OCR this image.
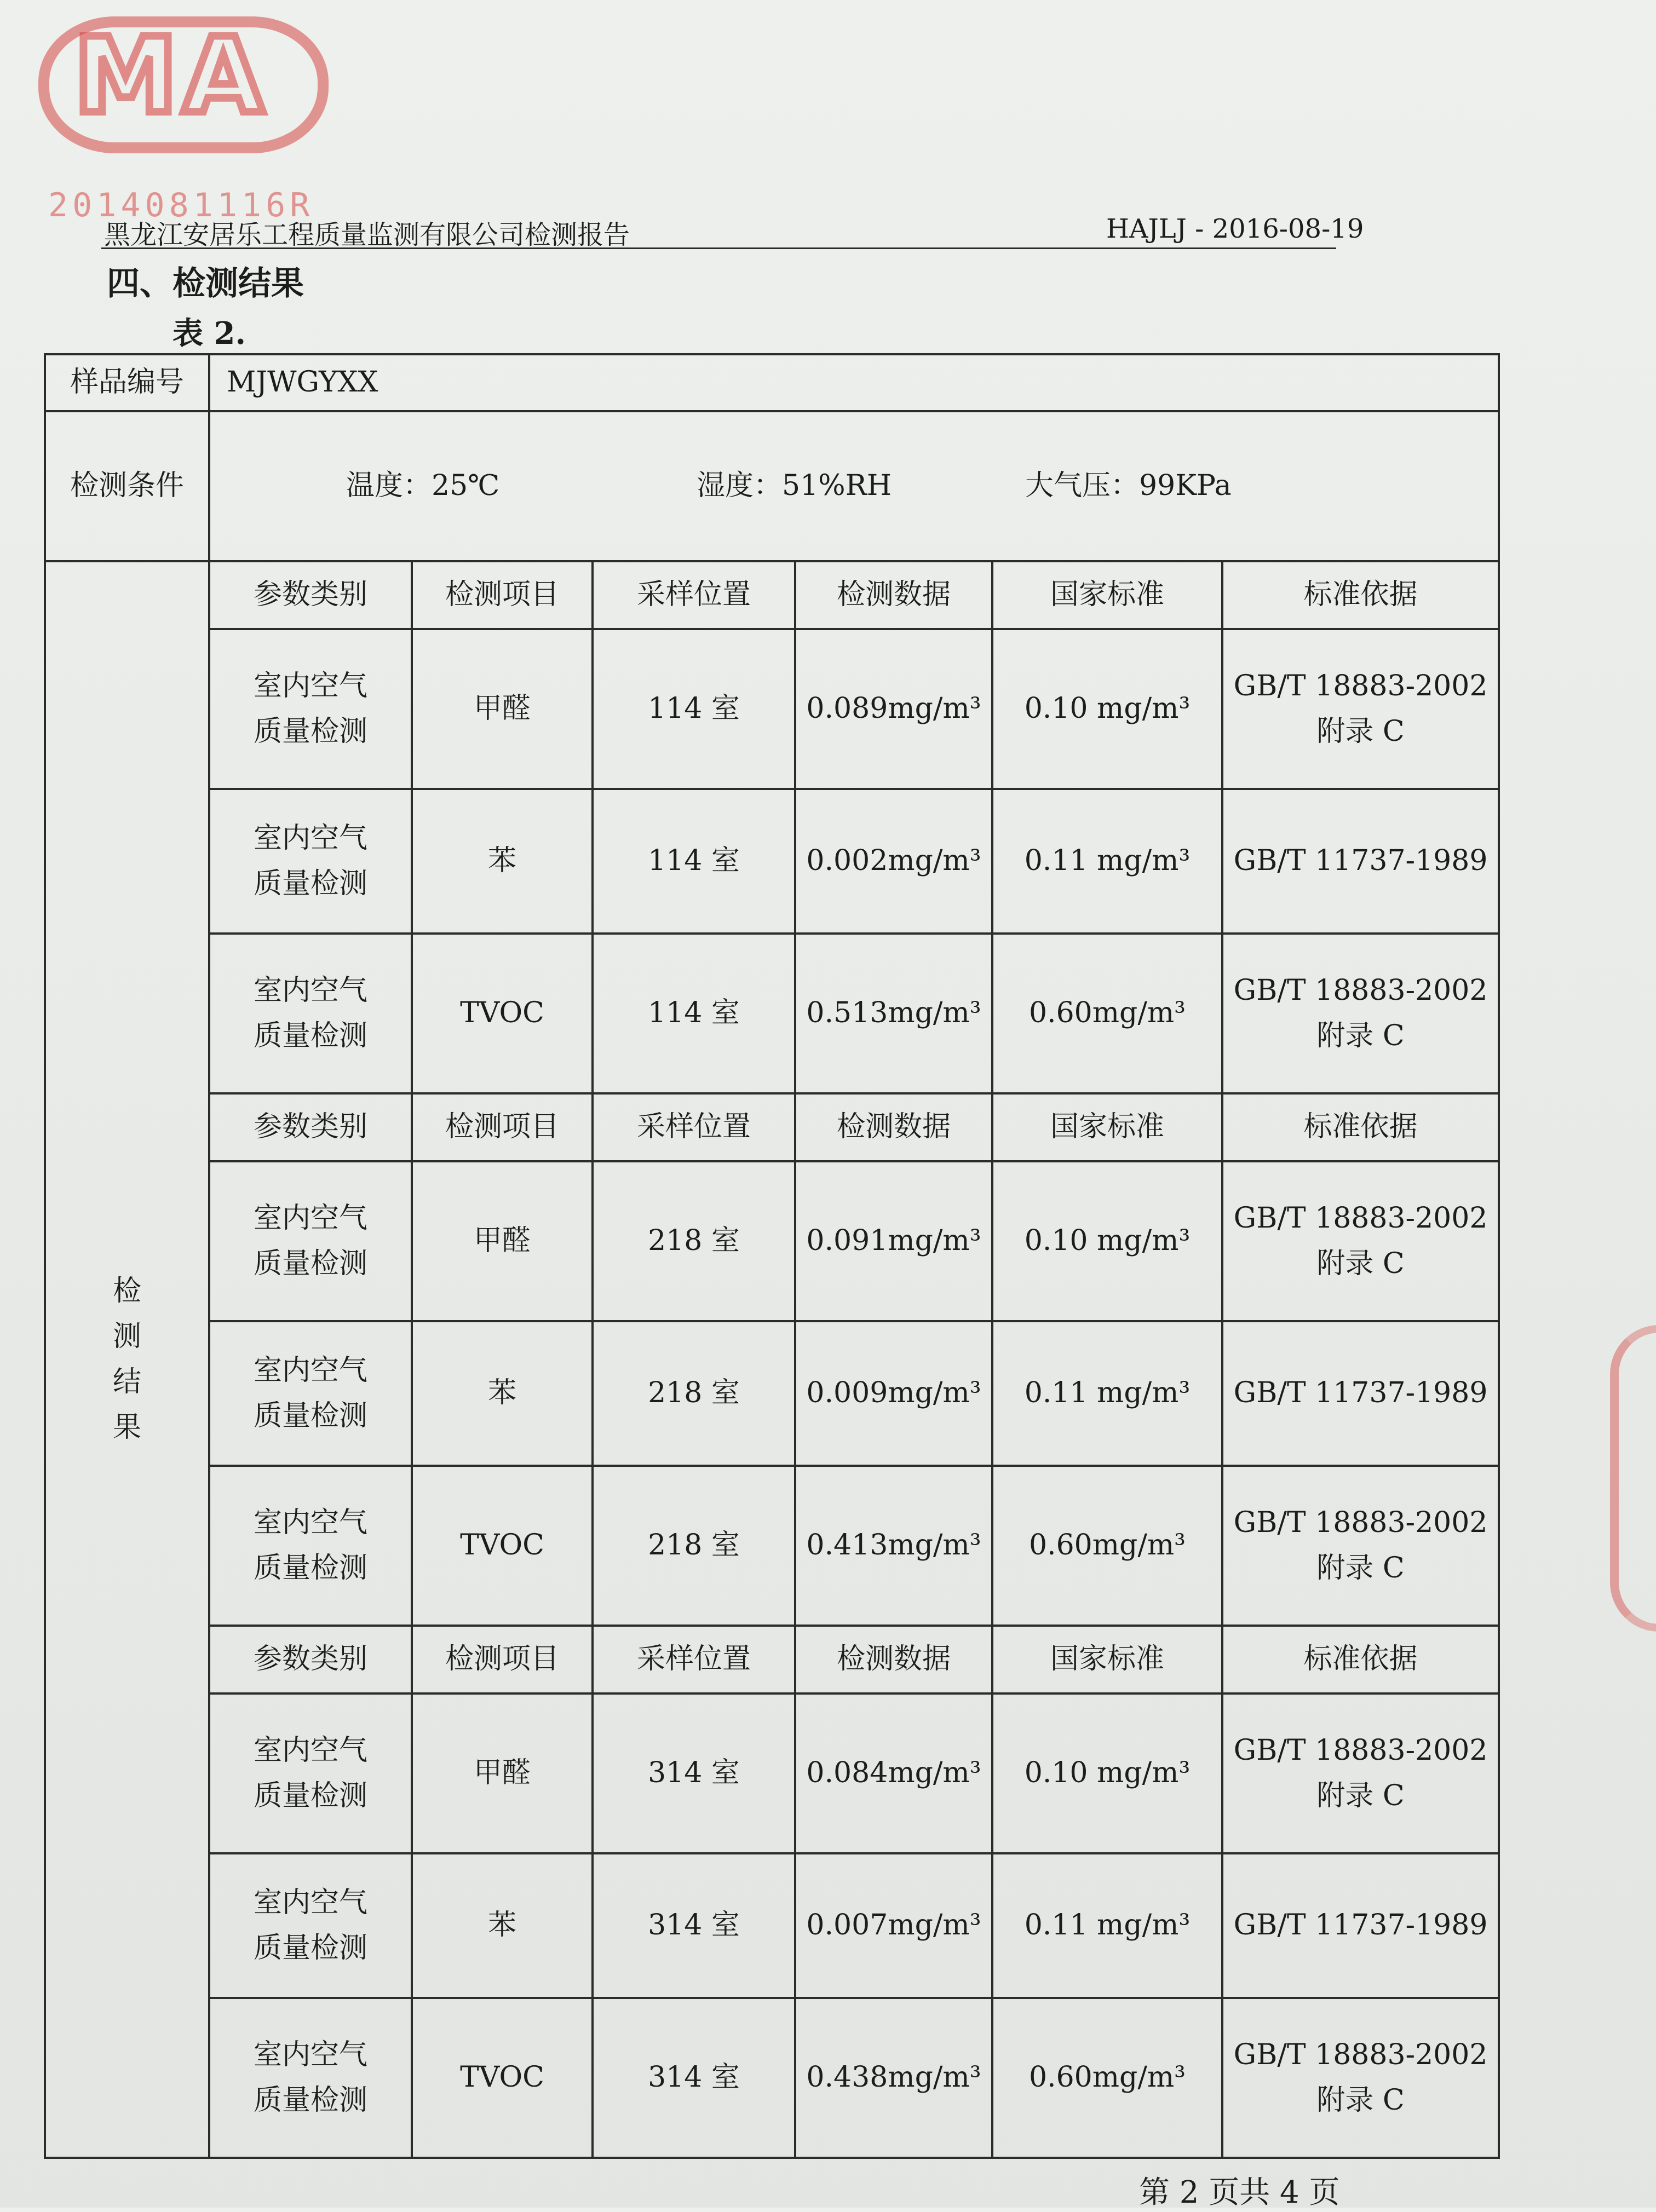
MA
2014081116R
黑龙江安居乐工程质量监测有限公司检测报告	HAJLJ - 2016-08-19
四、检测结果
表 2.
样品编号	MJWGYXX					
检测条件	温度：25℃ 湿度：51%RH 大气压：99KPa					

检
测
结
果	参数类别	检测项目	采样位置	检测数据	国家标准	标准依据

	室内空气
质量检测	甲醛	114 室	0.089mg/m³	0.10 mg/m³	GB/T 18883-2002
附录 C

	室内空气
质量检测	苯	114 室	0.002mg/m³	0.11 mg/m³	GB/T 11737-1989

	室内空气
质量检测	TVOC	114 室	0.513mg/m³	0.60mg/m³	GB/T 18883-2002
附录 C

	参数类别	检测项目	采样位置	检测数据	国家标准	标准依据

	室内空气
质量检测	甲醛	218 室	0.091mg/m³	0.10 mg/m³	GB/T 18883-2002
附录 C

	室内空气
质量检测	苯	218 室	0.009mg/m³	0.11 mg/m³	GB/T 11737-1989

	室内空气
质量检测	TVOC	218 室	0.413mg/m³	0.60mg/m³	GB/T 18883-2002
附录 C

	参数类别	检测项目	采样位置	检测数据	国家标准	标准依据

	室内空气
质量检测	甲醛	314 室	0.084mg/m³	0.10 mg/m³	GB/T 18883-2002
附录 C

	室内空气
质量检测	苯	314 室	0.007mg/m³	0.11 mg/m³	GB/T 11737-1989

	室内空气
质量检测	TVOC	314 室	0.438mg/m³	0.60mg/m³	GB/T 18883-2002
附录 C
第 2 页共 4 页
